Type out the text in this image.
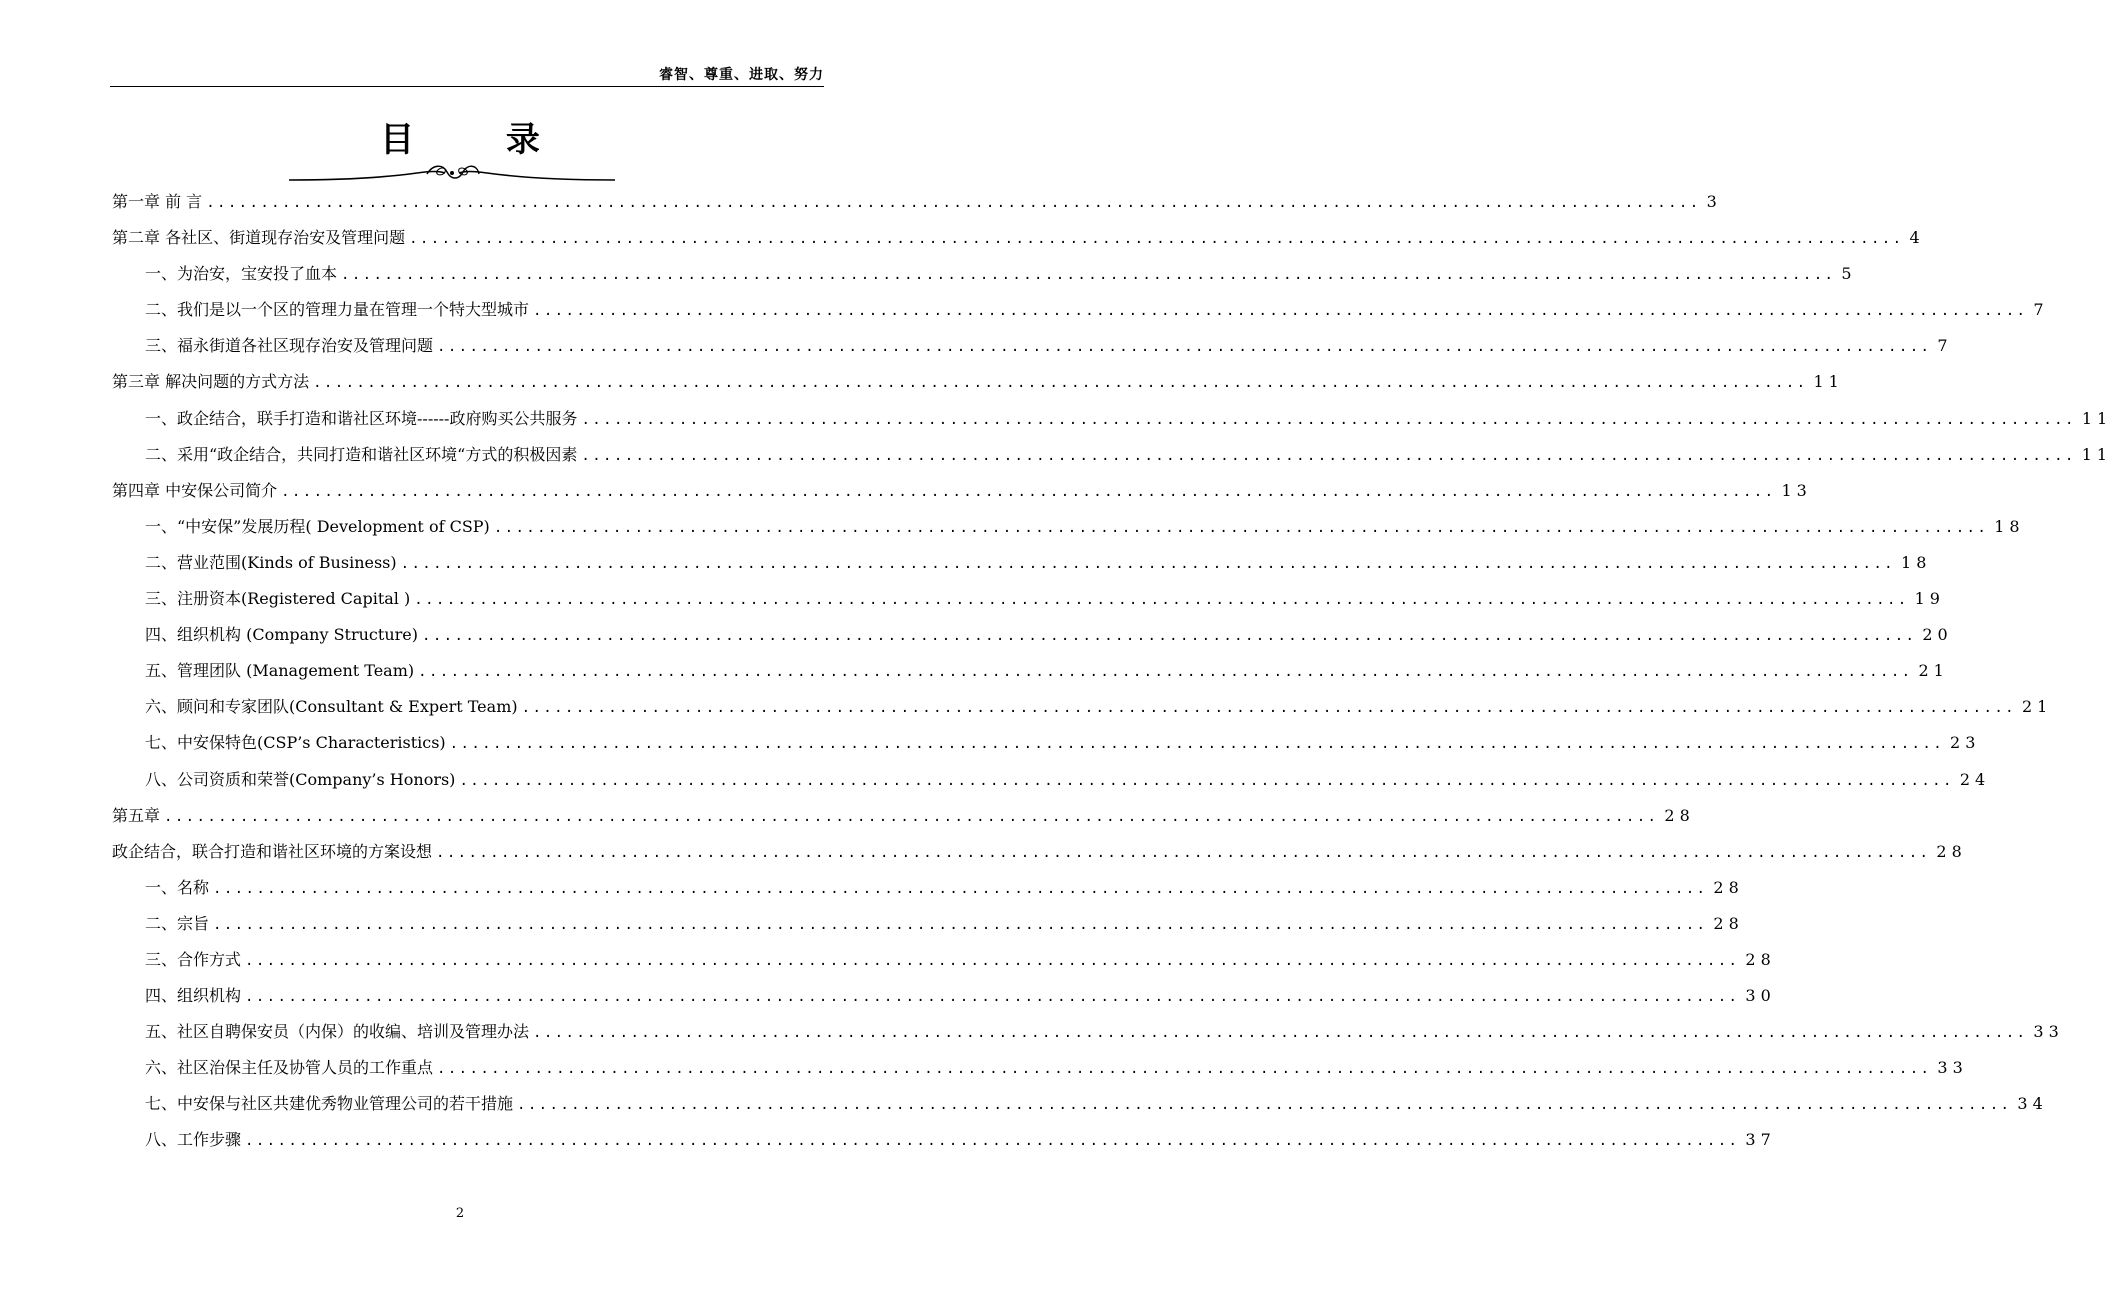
睿智、尊重、进取、努力
目 录
第一章 前 言 .....	3
第二章 各社区、街道现存治安及管理问题 .....	4
一、为治安，宝安投了血本 .....	5
二、我们是以一个区的管理力量在管理一个特大型城市 .....	7
三、福永街道各社区现存治安及管理问题 .....	7
第三章 解决问题的方式方法 .....	11
一、政企结合，联手打造和谐社区环境------政府购买公共服务 .....	11
二、采用“政企结合，共同打造和谐社区环境“方式的积极因素 .....	11
第四章 中安保公司简介 .....	13
一、“中安保”发展历程( Development of CSP) .....	18
二、营业范围(Kinds of Business) .....	18
三、注册资本(Registered Capital ) .....	19
四、组织机构 (Company Structure) .....	20
五、管理团队 (Management Team) .....	21
六、顾问和专家团队(Consultant & Expert Team) .....	21
七、中安保特色(CSP’s Characteristics) .....	23
八、公司资质和荣誉(Company’s Honors) .....	24
第五章 .....	28
政企结合，联合打造和谐社区环境的方案设想 .....	28
一、名称 .....	28
二、宗旨 .....	28
三、合作方式 .....	28
四、组织机构 .....	30
五、社区自聘保安员（内保）的收编、培训及管理办法 .....	33
六、社区治保主任及协管人员的工作重点 .....	33
七、中安保与社区共建优秀物业管理公司的若干措施 .....	34
八、工作步骤 .....	37
2
